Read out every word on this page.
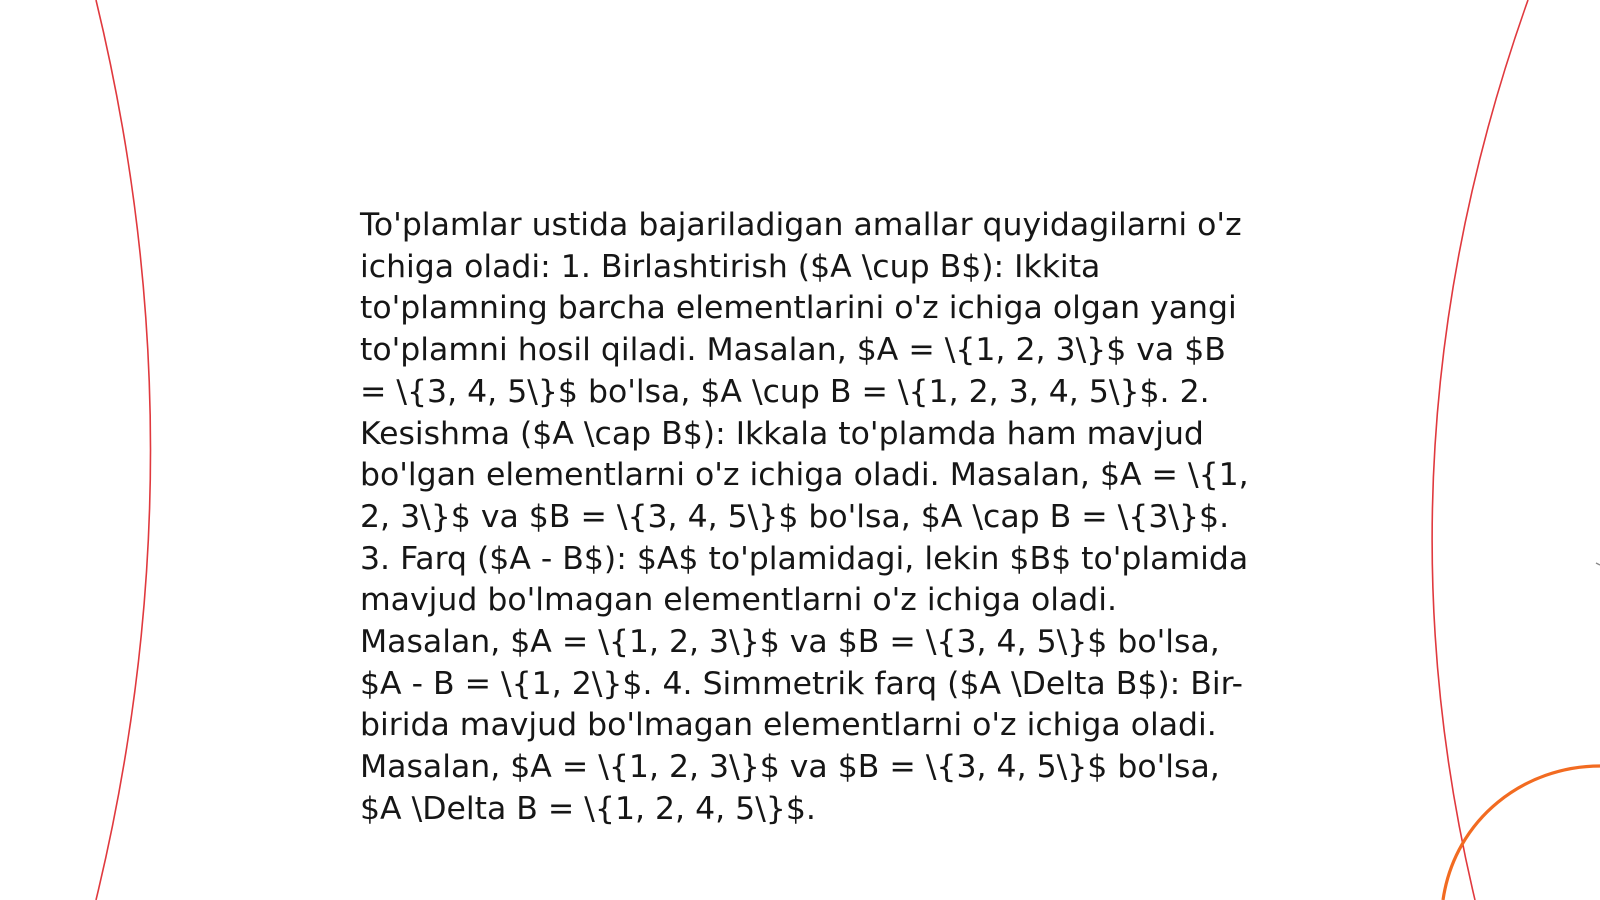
To'plamlar ustida bajariladigan amallar quyidagilarni o'z ichiga oladi: 1. Birlashtirish ($A \cup B$): Ikkita to'plamning barcha elementlarini o'z ichiga olgan yangi to'plamni hosil qiladi. Masalan, $A = \{1, 2, 3\}$ va $B = \{3, 4, 5\}$ bo'lsa, $A \cup B = \{1, 2, 3, 4, 5\}$. 2. Kesishma ($A \cap B$): Ikkala to'plamda ham mavjud bo'lgan elementlarni o'z ichiga oladi. Masalan, $A = \{1, 2, 3\}$ va $B = \{3, 4, 5\}$ bo'lsa, $A \cap B = \{3\}$. 3. Farq ($A - B$): $A$ to'plamidagi, lekin $B$ to'plamida mavjud bo'lmagan elementlarni o'z ichiga oladi. Masalan, $A = \{1, 2, 3\}$ va $B = \{3, 4, 5\}$ bo'lsa, $A - B = \{1, 2\}$. 4. Simmetrik farq ($A \Delta B$): Bir-birida mavjud bo'lmagan elementlarni o'z ichiga oladi. Masalan, $A = \{1, 2, 3\}$ va $B = \{3, 4, 5\}$ bo'lsa, $A \Delta B = \{1, 2, 4, 5\}$.
